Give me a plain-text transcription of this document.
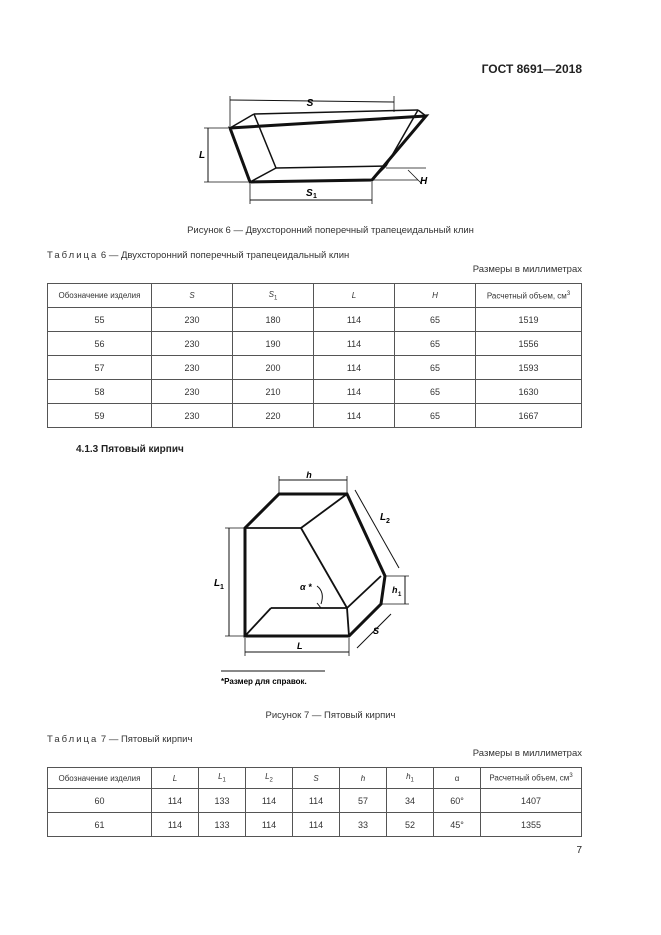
ГОСТ 8691—2018
S
L
S 1
H
Рисунок 6 — Двухсторонний поперечный трапецеидальный клин
Таблица 6 — Двухсторонний поперечный трапецеидальный клин
Размеры в миллиметрах
Обозначение изделия	S	$S_1$	L	H	Расчетный объем, $см^3$
55	230	180	114	65	1519
56	230	190	114	65	1556
57	230	200	114	65	1593
58	230	210	114	65	1630
59	230	220	114	65	1667
4.1.3 Пятовый кирпич
h
L 1
L 2
h 1
α *
S
L
*Размер для справок.
Рисунок 7 — Пятовый кирпич
Таблица 7 — Пятовый кирпич
Размеры в миллиметрах
Обозначение изделия	L	$L_1$	$L_2$	S	h	$h_1$	α	Расчетный объем, $см^3$
60	114	133	114	114	57	34	60°	1407
61	114	133	114	114	33	52	45°	1355
7
